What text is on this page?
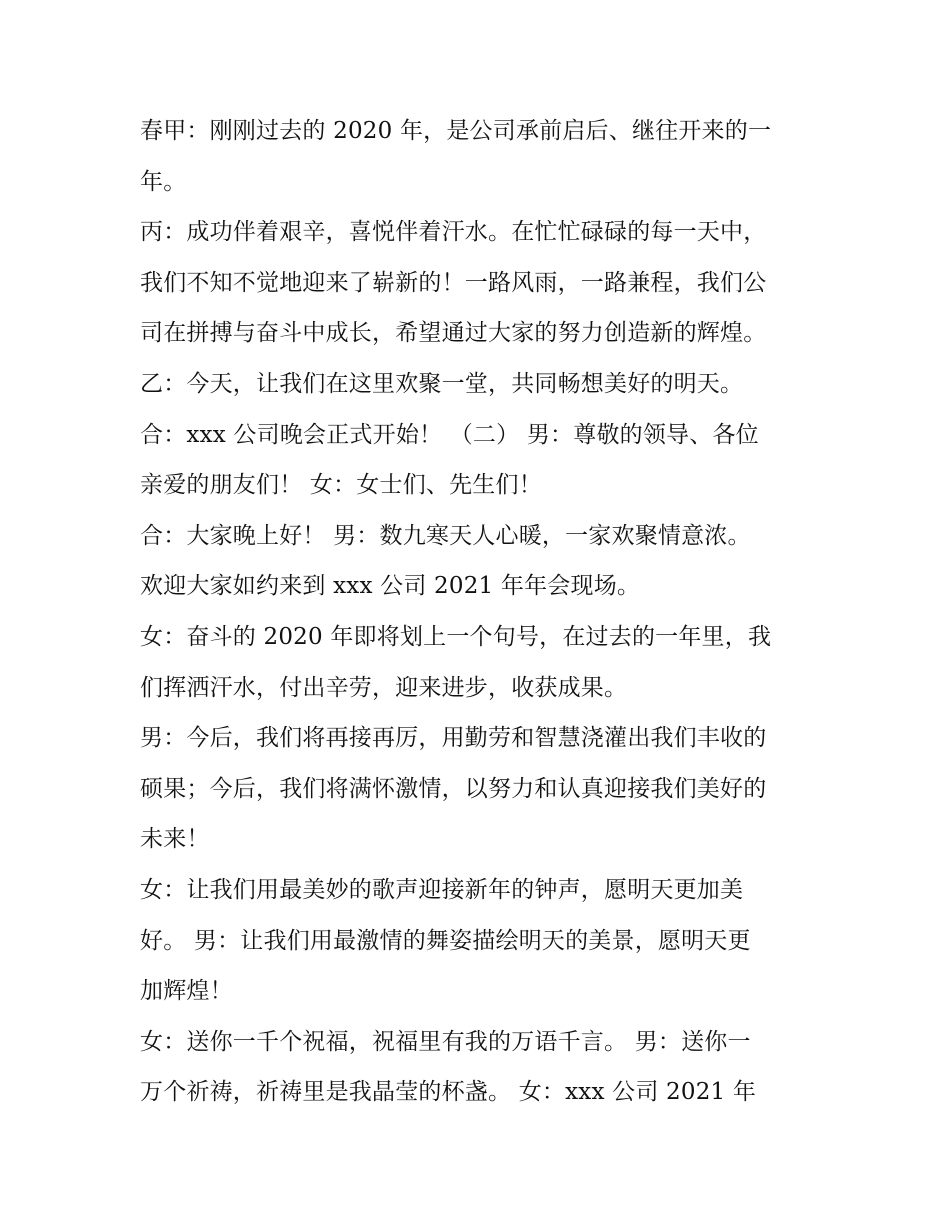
春甲：刚刚过去的 2020 年，是公司承前启后、继往开来的一
年。
丙：成功伴着艰辛，喜悦伴着汗水。在忙忙碌碌的每一天中，
我们不知不觉地迎来了崭新的！一路风雨，一路兼程，我们公
司在拼搏与奋斗中成长，希望通过大家的努力创造新的辉煌。
乙：今天，让我们在这里欢聚一堂，共同畅想美好的明天。
合：xxx 公司晚会正式开始！ （二） 男：尊敬的领导、各位
亲爱的朋友们！ 女：女士们、先生们！
合：大家晚上好！ 男：数九寒天人心暖，一家欢聚情意浓。
欢迎大家如约来到 xxx 公司 2021 年年会现场。
女：奋斗的 2020 年即将划上一个句号，在过去的一年里，我
们挥洒汗水，付出辛劳，迎来进步，收获成果。
男：今后，我们将再接再厉，用勤劳和智慧浇灌出我们丰收的
硕果；今后，我们将满怀激情，以努力和认真迎接我们美好的
未来！
女：让我们用最美妙的歌声迎接新年的钟声，愿明天更加美
好。 男：让我们用最激情的舞姿描绘明天的美景，愿明天更
加辉煌！
女：送你一千个祝福，祝福里有我的万语千言。 男：送你一
万个祈祷，祈祷里是我晶莹的杯盏。 女：xxx 公司 2021 年
